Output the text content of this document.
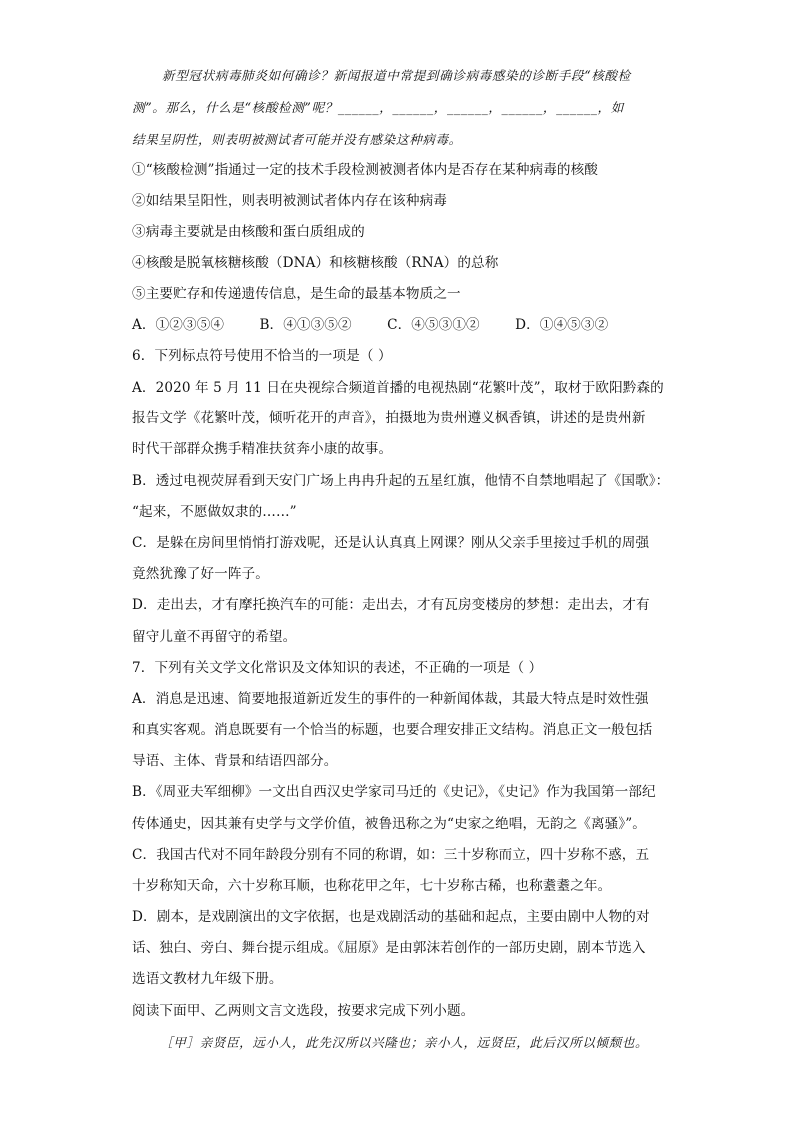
新型冠状病毒肺炎如何确诊？新闻报道中常提到确诊病毒感染的诊断手段“核酸检
测”。那么，什么是“核酸检测”呢？______，______，______，______，______，如
结果呈阴性，则表明被测试者可能并没有感染这种病毒。
①“核酸检测”指通过一定的技术手段检测被测者体内是否存在某种病毒的核酸
②如结果呈阳性，则表明被测试者体内存在该种病毒
③病毒主要就是由核酸和蛋白质组成的
④核酸是脱氧核糖核酸（DNA）和核糖核酸（RNA）的总称
⑤主要贮存和传递遗传信息，是生命的最基本物质之一
A．①②③⑤④        B．④①③⑤②        C．④⑤③①②        D．①④⑤③②
6．下列标点符号使用不恰当的一项是（ ）
A．2020 年 5 月 11 日在央视综合频道首播的电视热剧“花繁叶茂”，取材于欧阳黔森的
报告文学《花繁叶茂，倾听花开的声音》，拍摄地为贵州遵义枫香镇，讲述的是贵州新
时代干部群众携手精准扶贫奔小康的故事。
B．透过电视荧屏看到天安门广场上冉冉升起的五星红旗，他情不自禁地唱起了《国歌》：
“起来，不愿做奴隶的……”
C．是躲在房间里悄悄打游戏呢，还是认认真真上网课？刚从父亲手里接过手机的周强
竟然犹豫了好一阵子。
D．走出去，才有摩托换汽车的可能：走出去，才有瓦房变楼房的梦想：走出去，才有
留守儿童不再留守的希望。
7．下列有关文学文化常识及文体知识的表述，不正确的一项是（ ）
A．消息是迅速、简要地报道新近发生的事件的一种新闻体裁，其最大特点是时效性强
和真实客观。消息既要有一个恰当的标题，也要合理安排正文结构。消息正文一般包括
导语、主体、背景和结语四部分。
B．《周亚夫军细柳》一文出自西汉史学家司马迁的《史记》，《史记》作为我国第一部纪
传体通史，因其兼有史学与文学价值，被鲁迅称之为“史家之绝唱，无韵之《离骚》”。
C．我国古代对不同年龄段分别有不同的称谓，如：三十岁称而立，四十岁称不惑，五
十岁称知天命，六十岁称耳顺，也称花甲之年，七十岁称古稀，也称耋耋之年。
D．剧本，是戏剧演出的文字依据，也是戏剧活动的基础和起点，主要由剧中人物的对
话、独白、旁白、舞台提示组成。《屈原》是由郭沫若创作的一部历史剧，剧本节选入
选语文教材九年级下册。
阅读下面甲、乙两则文言文选段，按要求完成下列小题。
［甲］亲贤臣，远小人，此先汉所以兴隆也；亲小人，远贤臣，此后汉所以倾颓也。
